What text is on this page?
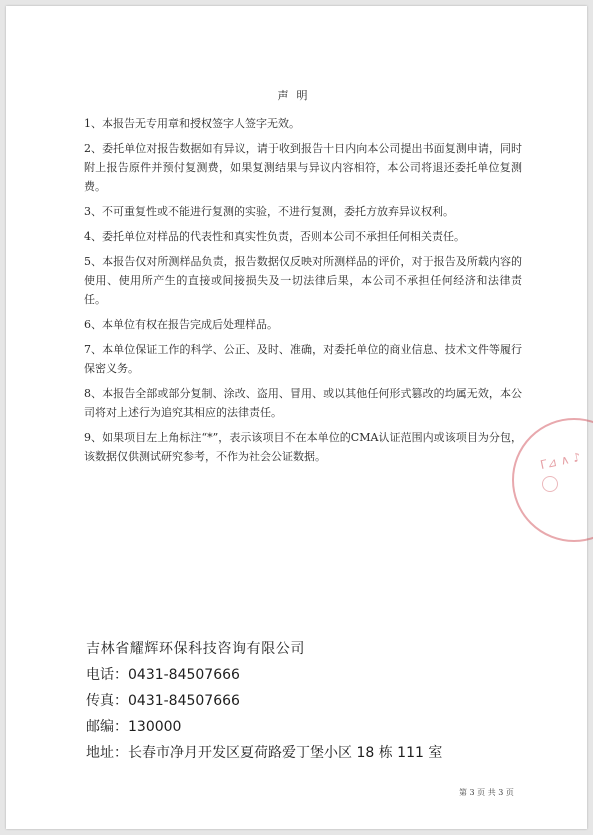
声明

1、本报告无专用章和授权签字人签字无效。

2、委托单位对报告数据如有异议，请于收到报告十日内向本公司提出书面复测申请，同时附上报告原件并预付复测费，如果复测结果与异议内容相符，本公司将退还委托单位复测费。

3、不可重复性或不能进行复测的实验，不进行复测，委托方放弃异议权利。

4、委托单位对样品的代表性和真实性负责，否则本公司不承担任何相关责任。

5、本报告仅对所测样品负责，报告数据仅反映对所测样品的评价，对于报告及所载内容的使用、使用所产生的直接或间接损失及一切法律后果，本公司不承担任何经济和法律责任。

6、本单位有权在报告完成后处理样品。

7、本单位保证工作的科学、公正、及时、准确，对委托单位的商业信息、技术文件等履行保密义务。

8、本报告全部或部分复制、涂改、盗用、冒用、或以其他任何形式篡改的均属无效，本公司将对上述行为追究其相应的法律责任。

9、如果项目左上角标注“*”，表示该项目不在本单位的CMA认证范围内或该项目为分包，该数据仅供测试研究参考，不作为社会公证数据。	ᒥ⊿ ∧ ♪
吉林省耀辉环保科技咨询有限公司
电话：0431-84507666
传真：0431-84507666
邮编：130000
地址：长春市净月开发区夏荷路爱丁堡小区 18 栋 111 室
第 3 页 共 3 页
